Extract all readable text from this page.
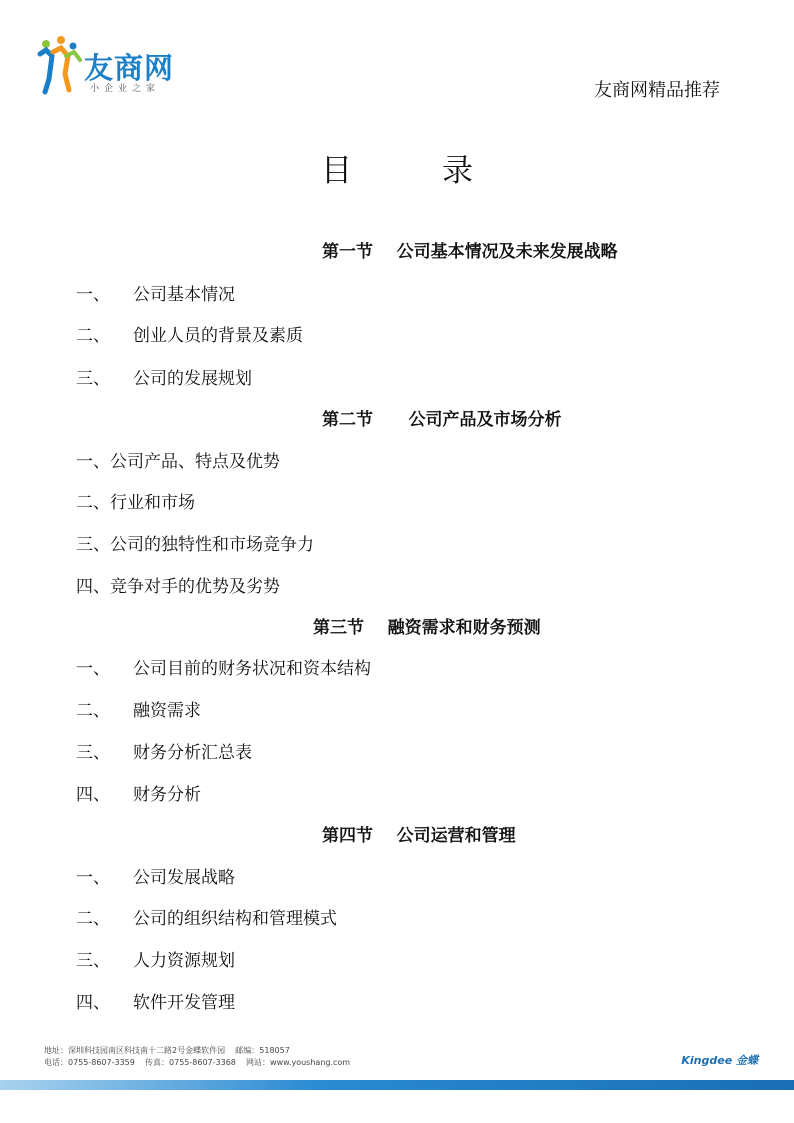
友商网
小企业之家	友商网精品推荐
目	录
第一节    公司基本情况及未来发展战略
一、 公司基本情况
二、 创业人员的背景及素质
三、 公司的发展规划
第二节      公司产品及市场分析
一、公司产品、特点及优势
二、行业和市场
三、公司的独特性和市场竞争力
四、竞争对手的优势及劣势
第三节    融资需求和财务预测
一、 公司目前的财务状况和资本结构
二、 融资需求
三、 财务分析汇总表
四、 财务分析
第四节    公司运营和管理
一、 公司发展战略
二、 公司的组织结构和管理模式
三、 人力资源规划
四、 软件开发管理
地址：深圳科技园南区科技南十二路2号金蝶软件园    邮编：518057
电话：0755-8607-3359    传真：0755-8607-3368    网站：www.youshang.com	Kingdee 金蝶
